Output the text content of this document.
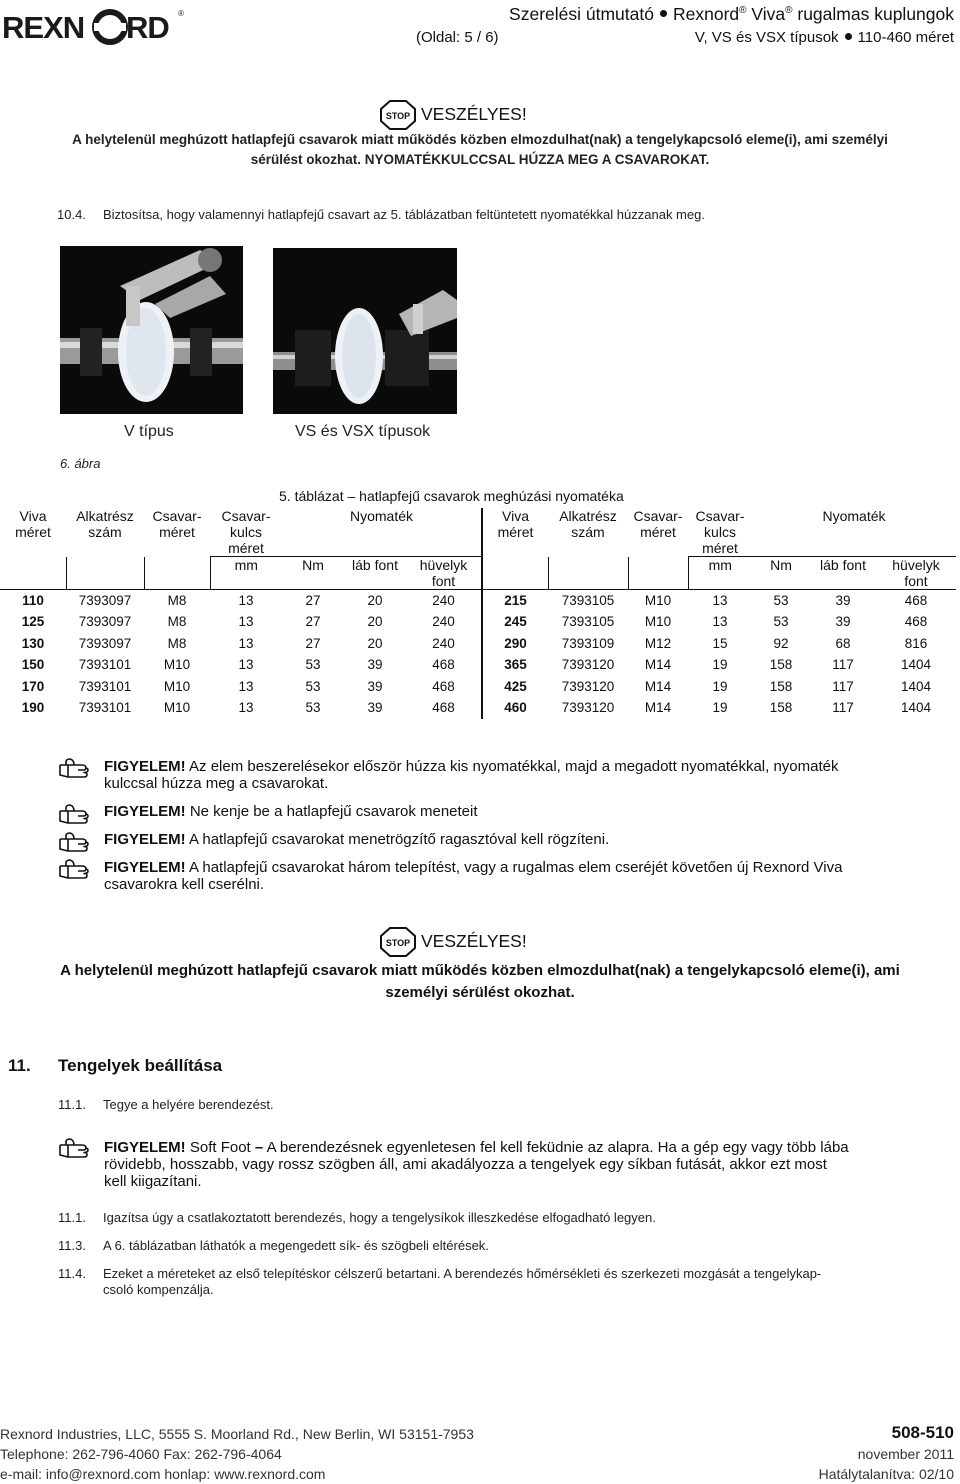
REXN RD ®	Szerelési útmutató Rexnord® Viva® rugalmas kuplungok
(Oldal: 5 / 6)	V, VS és VSX típusok 110-460 méret
STOP VESZÉLYES!
A helytelenül meghúzott hatlapfejű csavarok miatt működés közben elmozdulhat(nak) a tengelykapcsoló eleme(i), ami személyi
sérülést okozhat. NYOMATÉKKULCCSAL HÚZZA MEG A CSAVAROKAT.
10.4. Biztosítsa, hogy valamennyi hatlapfejű csavart az 5. táblázatban feltüntetett nyomatékkal húzzanak meg.
V típus	VS és VSX típusok
6. ábra
5. táblázat – hatlapfejű csavarok meghúzási nyomatéka
Viva	Alkatrész	Csavar-	Csavar-	Nyomaték			Viva	Alkatrész	Csavar-	Csavar-	Nyomaték		
méret	szám	méret	kulcs				méret	szám	méret	kulcs			
			méret							méret			
			mm	Nm	láb font	hüvelyk				mm	Nm	láb font	hüvelyk
						font							font
110	7393097	M8	13	27	20	240	215	7393105	M10	13	53	39	468
125	7393097	M8	13	27	20	240	245	7393105	M10	13	53	39	468
130	7393097	M8	13	27	20	240	290	7393109	M12	15	92	68	816
150	7393101	M10	13	53	39	468	365	7393120	M14	19	158	117	1404
170	7393101	M10	13	53	39	468	425	7393120	M14	19	158	117	1404
190	7393101	M10	13	53	39	468	460	7393120	M14	19	158	117	1404
FIGYELEM! Az elem beszerelésekor először húzza kis nyomatékkal, majd a megadott nyomatékkal, nyomaték
kulccsal húzza meg a csavarokat.
FIGYELEM! Ne kenje be a hatlapfejű csavarok meneteit
FIGYELEM! A hatlapfejű csavarokat menetrögzítő ragasztóval kell rögzíteni.
FIGYELEM! A hatlapfejű csavarokat három telepítést, vagy a rugalmas elem cseréjét követően új Rexnord Viva
csavarokra kell cserélni.
STOP VESZÉLYES!
A helytelenül meghúzott hatlapfejű csavarok miatt működés közben elmozdulhat(nak) a tengelykapcsoló eleme(i), ami
személyi sérülést okozhat.
11. Tengelyek beállítása
11.1. Tegye a helyére berendezést.
FIGYELEM! Soft Foot – A berendezésnek egyenletesen fel kell feküdnie az alapra. Ha a gép egy vagy több lába
rövidebb, hosszabb, vagy rossz szögben áll, ami akadályozza a tengelyek egy síkban futását, akkor ezt most
kell kiigazítani.
11.1. Igazítsa úgy a csatlakoztatott berendezés, hogy a tengelysíkok illeszkedése elfogadható legyen.
11.3. A 6. táblázatban láthatók a megengedett sík- és szögbeli eltérések.
11.4. Ezeket a méreteket az első telepítéskor célszerű betartani. A berendezés hőmérsékleti és szerkezeti mozgását a tengelykap-
csoló kompenzálja.
Rexnord Industries, LLC, 5555 S. Moorland Rd., New Berlin, WI 53151-7953
Telephone: 262-796-4060 Fax: 262-796-4064
e-mail: info@rexnord.com honlap: www.rexnord.com
508-510
november 2011
Hatálytalanítva: 02/10
